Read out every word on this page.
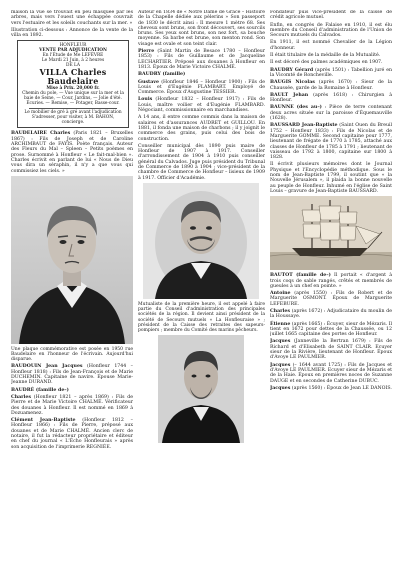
maison la vue se trouvait en peu masquée par les arbres, mais vers l'ouest une échappée couvrait vers l'estuaire et les soleils couchants sur la mer. »

Illustration ci-dessous : Annonce de la vente de la villa en 1892.

HONFLEUR
VENTE PAR ADJUDICATION
En l'Étude de Me LEFÈVRE
Le Mardi 21 Juin, à 2 heures
DE LA
VILLA Charles Baudelaire
Mise à Prix. 20,000 fr.
Chemin du pole, — Vue unique sur la mer et la baie de Seine, — Cour, Jardins, — Jolie d'été.
Écuries. — Remise, — Potager, Basse-cour.
Le mobilier de gré à gré avant l'adjudication
S'adresser, pour visiter, à M. BAHON, concierge.

BAUDELAIRE Charles (Paris 1821 – Bruxelles 1867) : Fils de Joseph et de Caroline ARCHIMBAUT de FAYIS. Poète français. Auteur des Fleurs du Mal – Spleen – Petits poèmes en prose. Surnommé à Honfleur « Le fait-mal-bien ». Charles écrivit en parlant de lui « Nous de Dieu vous dira un séraphin, il n'y a que vous qui commissiez les ciels. »

Une plaque commémorative est posée en 1950 rue Baudelaire en l'honneur de l'écrivain. Aujourd'hui disparue.

BAUDOUIN Jean Jacques (Honfleur 1744 – Honfleur 1818) : Fils de Jean-François et de Marie DUCHEMIN. Capitaine de navire. Épouse Marie-Jeanne DURAND.

BAUDRÉ (famille de–)

Charles (Honfleur 1821 – après 1869) : Fils de Pierre et de Marie Victoire CHALMÉ. Vérificateur des douanes à Honfleur. Il est nommé en 1869 à Dozuamenez.

Clément Jean-Baptiste (Honfleur 1812 – Honfleur 1866) : Fils de Pierre, préposé aux douanes et de Marie CHALMÉ. Ancien clerc de notaire, il fut la rédacteur propriétaire et éditeur en chef du journal « L'Écho Honfleurais » après son acquisition de l'imprimerie REGNIÉE.

Auteur en 1834 de « Notre Dame de Grâce – Histoire de la Chapelle dédiée aux pèlerins » Son passeport de 1830 le décrit ainsi : Il mesure 1 mètre 68. Ses cheveux sont bruns, son front découvert, ses sourcils bruns. Ses yeux sont bruns, son nez fort, sa bouche moyenne. Sa barbe est brune, son menton rond. Son visage est ovale et son teint clair.

Pierre (Saint Martin de Besace 1780 – Honfleur 1853) : Fils de Guillaume et de Jacqueline LECHARTIER. Préposé aux douanes à Honfleur en 1813. Époux de Marie Victoire CHALMÉ.

BAUDRY (famille)

Gustave (Honfleur 1846 – Honfleur 1900) : Fils de Louis et d'Eugénie FLAMBART. Employé de Commerce. Époux d'Augustine TESSIER.

Louis (Honfleur 1832 – Honfleur 1917) : Fils de Louis, maître voilier et d'Eugénie FLAMBARD. Négociant, commissionnaire en marchandises.

A 14 ans, il entre comme commis dans la maison de salaires et d'assurances AUDRET et GUILLOU. En 1881, il fonda une maison de charbons ; il y joignit le commerce des grains, puis celui des bois de construction.

Conseiller municipal dès 1890 puis maire de Honfleur de 1907 à 1917. Conseiller d'arrondissement de 1904 à 1910 puis conseiller général du Calvados. Juge puis président du Tribunal de Commerce de 1890 à 1904 ; vice-président de la chambre de Commerce de Honfleur – lisieux de 1909 à 1917. Officier d'Académie.

Mutualiste de la première heure, il est appelé à faire partie du Conseil d'administration des principales sociétés de la région. Il devient ainsi président de la société de Secours mutuels « La Honfleuraise » ; président de la Caisse des retraites des sapeurs-pompiers ; membre du Comité des marins pêcheurs.

Fondateur puis vice-président de la caisse de crédit agricole mutuel.

Enfin, en congrès de Falaise en 1910, il est élu membre du Conseil d'administration de l'Union de Secours mutuels du Calvados.

En 1911, il est nommé Chevalier de la Légion d'honneur.

Il était titulaire de la médaille de la Mutualité.

Il est décoré des palmes académiques en 1907.

BAUDRY Gérard (après 1501) : Tabellion juré en la Vicomté de Roncheville.

BAUGIS Nicolas (après 1670) : Sieur de la Chaussée, garde de la Romaine à Honfleur.

BAULT Jehan (après 1618) : Chirurgien à Honfleur.

BAUNNE (des au–) : Pièce de terre contenant deux acres située sur la paroisse d'Équemauville (1628).

BAUSSARD Jean-Baptiste (Saint Ouen du Breuil 1752 – Honfleur 1833) : Fils de Nicolas et de Marguerite GOMME. Second capitaine pour 1777, lieutenant de frégate de 1770 à 1785, attaché aux classes de Honfleur de 1785 à 1791 ; lieutenant de vaisseau de 1792 à 1800, capitaine sur 1800 à 1828.

Il écrivit plusieurs mémoires dont le Journal Physique et l'Encyclopédie méthodique. Sous le nom de Jean-Baptiste 1799, il soutint que « la Nouvelle Jérusalem », il plaida la bonne nouvelle au peuple de Honfleur. Inhumé en l'église de Saint Louis – gravure de Jean-Baptiste BAUSSARD.

BAUTOT (famille de–) Il portait « d'argent à trois coqs de sable rangés, crêtés et membrés de gueules à un chef en pointe. »

Antoine (après 1550) : Fils de Robert et de Marguerite OSMONT. Époux de Marguerite LEFEBURE.

Charles (après 1672) : Adjudicataire du moulin de la Houssaye.

Étienne (après 1665) : Écuyer, sieur de Mézaris. Il tient en 1672 pour dettes de la Chaussée, ou 12 juillet 1665 capitaine des portes de Honfleur.

Jacques (Janneville la Bertran 1679) : Fils de Richard et d'Elisabeth de SAINT CLAIR. Ecuyer sieur de la Rivière, lieutenant de Honfleur. Époux d'Avoye LE PAULMIER.

Jacques (– 1644 avant 1725) : Fils de Jacques et d'Avoye LE PAULMIER. Ecuyer sieur de Mézaris et de la Haie. Époux en premières noces de Suzanne DAUGE et en secondes de Catherine DUBUC.

Jacques (après 1560) : Époux de Jean LE DANOIS.
